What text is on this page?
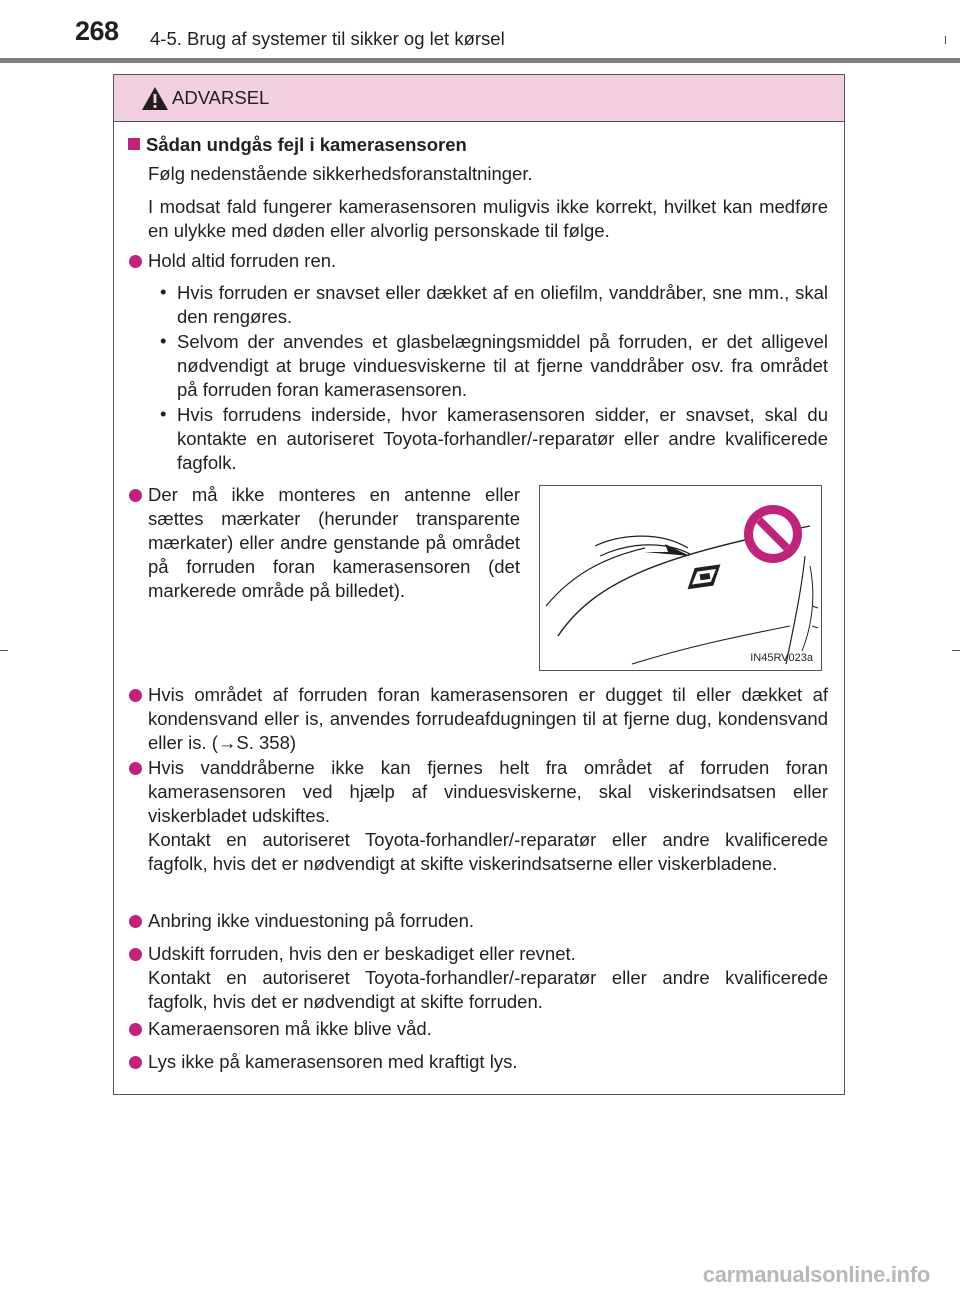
268 4-5. Brug af systemer til sikker og let kørsel
ADVARSEL
Sådan undgås fejl i kamerasensoren
Følg nedenstående sikkerhedsforanstaltninger.
I modsat fald fungerer kamerasensoren muligvis ikke korrekt, hvilket kan medføre en ulykke med døden eller alvorlig personskade til følge.
Hold altid forruden ren.
• Hvis forruden er snavset eller dækket af en oliefilm, vanddråber, sne mm., skal den rengøres.
• Selvom der anvendes et glasbelægningsmiddel på forruden, er det alligevel nødvendigt at bruge vinduesviskerne til at fjerne vanddråber osv. fra området på forruden foran kamerasensoren.
• Hvis forrudens inderside, hvor kamerasensoren sidder, er snavset, skal du kontakte en autoriseret Toyota-forhandler/-reparatør eller andre kvalificerede fagfolk.
Der må ikke monteres en antenne eller sættes mærkater (herunder transparente mærkater) eller andre genstande på området på forruden foran kamerasensoren (det markerede område på billedet).
IN45RV023a
Hvis området af forruden foran kamerasensoren er dugget til eller dækket af kondensvand eller is, anvendes forrudeafdugningen til at fjerne dug, kondensvand eller is. (→S. 358)
Hvis vanddråberne ikke kan fjernes helt fra området af forruden foran kamerasensoren ved hjælp af vinduesviskerne, skal viskerindsatsen eller viskerbladet udskiftes.
Kontakt en autoriseret Toyota-forhandler/-reparatør eller andre kvalificerede fagfolk, hvis det er nødvendigt at skifte viskerindsatserne eller viskerbladene.
Anbring ikke vinduestoning på forruden.
Udskift forruden, hvis den er beskadiget eller revnet.
Kontakt en autoriseret Toyota-forhandler/-reparatør eller andre kvalificerede fagfolk, hvis det er nødvendigt at skifte forruden.
Kameraensoren må ikke blive våd.
Lys ikke på kamerasensoren med kraftigt lys.
carmanualsonline.info
